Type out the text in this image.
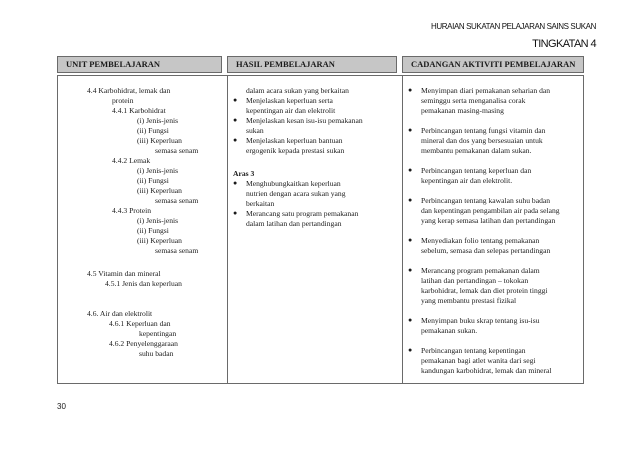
HURAIAN SUKATAN PELAJARAN SAINS SUKAN
TINGKATAN 4
UNIT PEMBELAJARAN	HASIL PEMBELAJARAN	CADANGAN AKTIVITI PEMBELAJARAN
4.4 Karbohidrat, lemak dan
protein
4.4.1 Karbohidrat
(i) Jenis-jenis
(ii) Fungsi
(iii) Keperluan
semasa senam
4.4.2 Lemak
(i) Jenis-jenis
(ii) Fungsi
(iii) Keperluan
semasa senam
4.4.3 Protein
(i) Jenis-jenis
(ii) Fungsi
(iii) Keperluan
semasa senam
4.5 Vitamin dan mineral
4.5.1 Jenis dan keperluan
4.6. Air dan elektrolit
4.6.1 Keperluan dan
kepentingan
4.6.2 Penyelenggaraan
suhu badan
dalam acara sukan yang berkaitan
● Menjelaskan keperluan serta
kepentingan air dan elektrolit
● Menjelaskan kesan isu-isu pemakanan
sukan
● Menjelaskan keperluan bantuan
ergogenik kepada prestasi sukan
Aras 3
● Menghubungkaitkan keperluan
nutrien dengan acara sukan yang
berkaitan
● Merancang satu program pemakanan
dalam latihan dan pertandingan
● Menyimpan diari pemakanan seharian dan
seminggu serta menganalisa corak
pemakanan masing-masing
● Perbincangan tentang fungsi vitamin dan
mineral dan dos yang bersesuaian untuk
membantu pemakanan dalam sukan.
● Perbincangan tentang keperluan dan
kepentingan air dan elektrolit.
● Perbincangan tentang kawalan suhu badan
dan kepentingan pengambilan air pada selang
yang kerap semasa latihan dan pertandingan
● Menyediakan folio tentang pemakanan
sebelum, semasa dan selepas pertandingan
● Merancang program pemakanan dalam
latihan dan pertandingan – tokokan
karbohidrat, lemak dan diet protein tinggi
yang membantu prestasi fizikal
● Menyimpan buku skrap tentang isu-isu
pemakanan sukan.
● Perbincangan tentang kepentingan
pemakanan bagi atlet wanita dari segi
kandungan karbohidrat, lemak dan mineral
30
